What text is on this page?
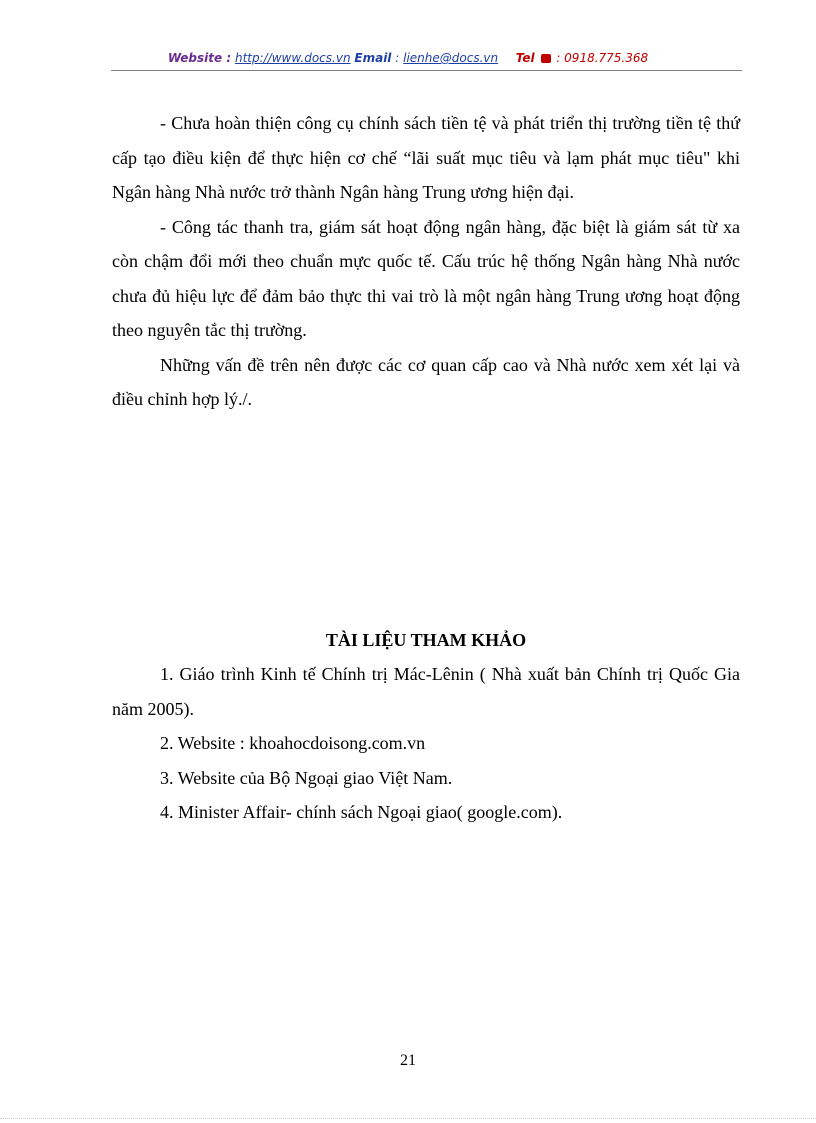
Website : http://www.docs.vn Email : lienhe@docs.vn Tel : 0918.775.368

- Chưa hoàn thiện công cụ chính sách tiền tệ và phát triển thị trường tiền tệ thứ cấp tạo điều kiện để thực hiện cơ chế “lãi suất mục tiêu và lạm phát mục tiêu" khi Ngân hàng Nhà nước trở thành Ngân hàng Trung ương hiện đại.

- Công tác thanh tra, giám sát hoạt động ngân hàng, đặc biệt là giám sát từ xa còn chậm đổi mới theo chuẩn mực quốc tế. Cấu trúc hệ thống Ngân hàng Nhà nước chưa đủ hiệu lực để đảm bảo thực thi vai trò là một ngân hàng Trung ương hoạt động theo nguyên tắc thị trường.

Những vấn đề trên nên được các cơ quan cấp cao và Nhà nước xem xét lại và điều chỉnh hợp lý./.

TÀI LIỆU THAM KHẢO

1. Giáo trình Kinh tế Chính trị Mác-Lênin ( Nhà xuất bản Chính trị Quốc Gia năm 2005).

2. Website : khoahocdoisong.com.vn

3. Website của Bộ Ngoại giao Việt Nam.

4. Minister Affair- chính sách Ngoại giao( google.com).

21
